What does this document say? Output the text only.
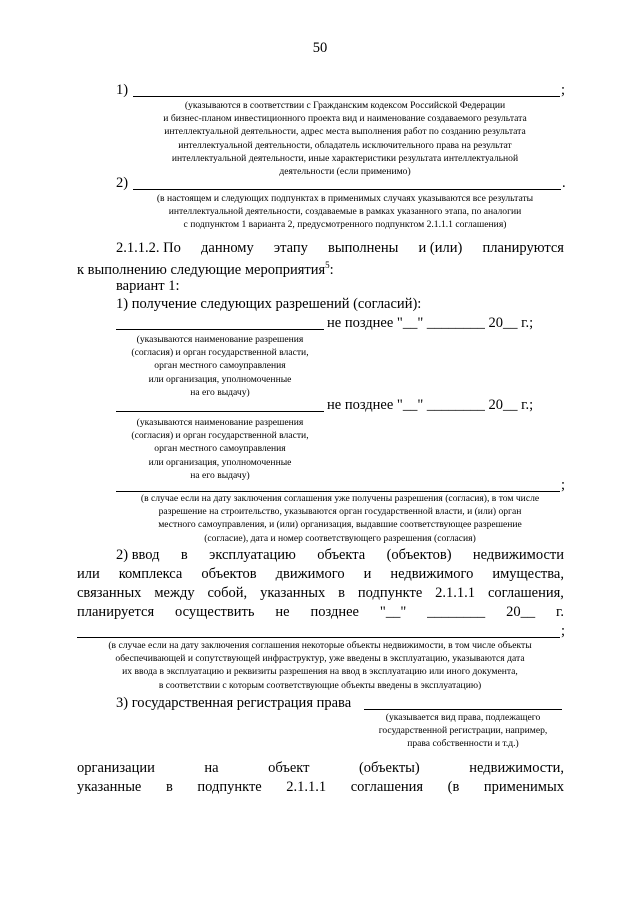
50
1)	;
(указываются в соответствии с Гражданским кодексом Российской Федерации
и бизнес-планом инвестиционного проекта вид и наименование создаваемого результата
интеллектуальной деятельности, адрес места выполнения работ по созданию результата
интеллектуальной деятельности, обладатель исключительного права на результат
интеллектуальной деятельности, иные характеристики результата интеллектуальной
деятельности (если применимо)
2)	.
(в настоящем и следующих подпунктах в применимых случаях указываются все результаты
интеллектуальной деятельности, создаваемые в рамках указанного этапа, по аналогии
с подпунктом 1 варианта 2, предусмотренного подпунктом 2.1.1.1 соглашения)
2.1.1.2. По данному этапу выполнены и (или) планируются
к выполнению следующие мероприятия$^5$:
вариант 1:
1) получение следующих разрешений (согласий):
не позднее "__" ________ 20__ г.;
(указываются наименование разрешения
(согласия) и орган государственной власти,
орган местного самоуправления
или организация, уполномоченные
на его выдачу)
не позднее "__" ________ 20__ г.;
(указываются наименование разрешения
(согласия) и орган государственной власти,
орган местного самоуправления
или организация, уполномоченные
на его выдачу)
;
(в случае если на дату заключения соглашения уже получены разрешения (согласия), в том числе
разрешение на строительство, указываются орган государственной власти, и (или) орган
местного самоуправления, и (или) организация, выдавшие соответствующее разрешение
(согласие), дата и номер соответствующего разрешения (согласия)
2) ввод в эксплуатацию объекта (объектов) недвижимости
или комплекса объектов движимого и недвижимого имущества,
связанных между собой, указанных в подпункте 2.1.1.1 соглашения,
планируется осуществить не позднее "__" ________ 20__ г.
;
(в случае если на дату заключения соглашения некоторые объекты недвижимости, в том числе объекты
обеспечивающей и сопутствующей инфраструктур, уже введены в эксплуатацию, указываются дата
их ввода в эксплуатацию и реквизиты разрешения на ввод в эксплуатацию или иного документа,
в соответствии с которым соответствующие объекты введены в эксплуатацию)
3) государственная регистрация права
(указывается вид права, подлежащего
государственной регистрации, например,
права собственности и т.д.)
организации	на	объект	(объекты)	недвижимости,
указанные в подпункте 2.1.1.1 соглашения (в применимых
